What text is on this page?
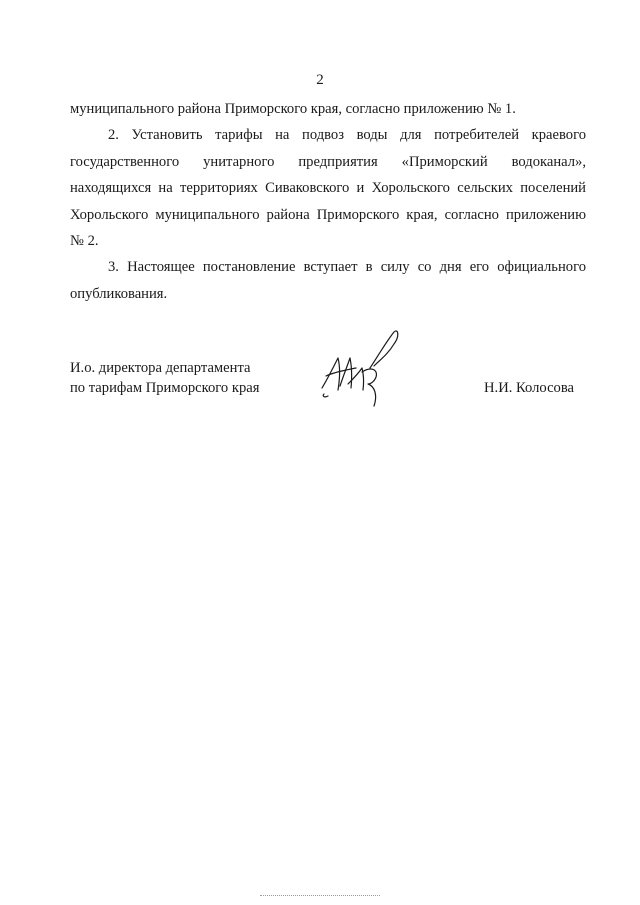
2
муниципального района Приморского края, согласно приложению № 1.
2. Установить тарифы на подвоз воды для потребителей краевого
государственного унитарного предприятия «Приморский водоканал»,
находящихся на территориях Сиваковского и Хорольского сельских поселений
Хорольского муниципального района Приморского края, согласно приложению
№ 2.
3. Настоящее постановление вступает в силу со дня его официального
опубликования.
И.о. директора департамента
по тарифам Приморского края	Н.И. Колосова
